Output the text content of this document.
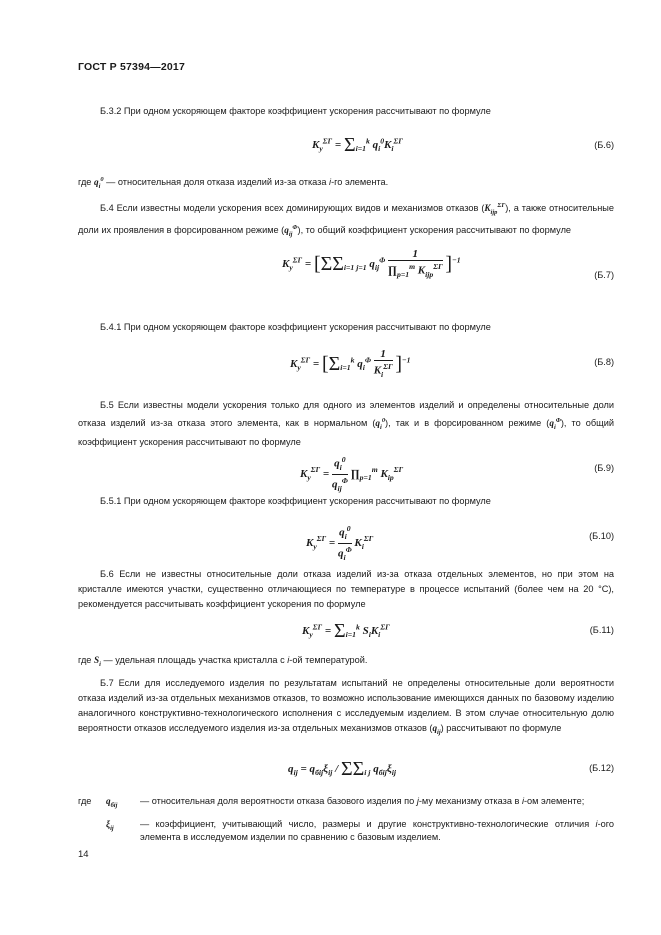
ГОСТ Р 57394—2017
Б.3.2 При одном ускоряющем факторе коэффициент ускорения рассчитывают по формуле
$K_у^{\Sigma\Gamma} = \Sigma_{i=1}^k$ $q_i^0K_i^{\Sigma\Gamma}$	(Б.6)
где $q_i^0$ — относительная доля отказа изделий из-за отказа i-го элемента.
Б.4 Если известны модели ускорения всех доминирующих видов и механизмов отказов $(K_{ijp}^{\Sigma\Gamma})$, а также относительные доли их проявления в форсированном режиме $(q_{ij}^\Phi)$, то общий коэффициент ускорения рассчитывают по формуле
$K_у^{\Sigma\Gamma} = [\Sigma\Sigma_{i=1 j=1}$ $q_{ij}^\Phi \frac{1}{\prod_{p=1}^m K_{ijp}^{\Sigma\Gamma}} ]^{-1}$
(Б.7)
Б.4.1 При одном ускоряющем факторе коэффициент ускорения рассчитывают по формуле
$K_у^{\Sigma\Gamma} = [\Sigma_{i=1}^k$ $q_i^\Phi \frac{1}{K_i^{\Sigma\Gamma}} ]^{-1}$	(Б.8)
Б.5 Если известны модели ускорения только для одного из элементов изделий и определены относительные доли отказа изделий из-за отказа этого элемента, как в нормальном $(q_i^0)$, так и в форсированном режиме $(q_i^\Phi)$, то общий коэффициент ускорения рассчитывают по формуле
$K_у^{\Sigma\Gamma} = \frac{q_i^0}{q_{ij}^\Phi}$ $\prod_{p=1}^m$ $K_{ip}^{\Sigma\Gamma}$	(Б.9)
Б.5.1 При одном ускоряющем факторе коэффициент ускорения рассчитывают по формуле
$K_у^{\Sigma\Gamma} = \frac{q_i^0}{q_i^\Phi} K_i^{\Sigma\Gamma}$	(Б.10)
Б.6 Если не известны относительные доли отказа изделий из-за отказа отдельных элементов, но при этом на кристалле имеются участки, существенно отличающиеся по температуре в процессе испытаний (более чем на 20 °С), рекомендуется рассчитывать коэффициент ускорения по формуле
$K_у^{\Sigma\Gamma} = \Sigma_{i=1}^k$ $S_iK_i^{\Sigma\Gamma}$	(Б.11)
где $S_i$ — удельная площадь участка кристалла с i-ой температурой.
Б.7 Если для исследуемого изделия по результатам испытаний не определены относительные доли вероятности отказа изделий из-за отдельных механизмов отказов, то возможно использование имеющихся данных по базовому изделию аналогичного конструктивно-технологического исполнения с исследуемым изделием. В этом случае относительную долю вероятности отказов исследуемого изделия из-за отдельных механизмов отказов $(q_{ij})$ рассчитывают по формуле
$q_{ij} = q_{бij}\xi_{ij} / \Sigma\Sigma_{i j}$ $q_{бij}\xi_{ij}$	(Б.12)
где	$q_{бij}$	— относительная доля вероятности отказа базового изделия по j-му механизму отказа в i-ом элементе;
$\xi_{ij}$	— коэффициент, учитывающий число, размеры и другие конструктивно-технологические отличия i-ого элемента в исследуемом изделии по сравнению с базовым изделием.
14
